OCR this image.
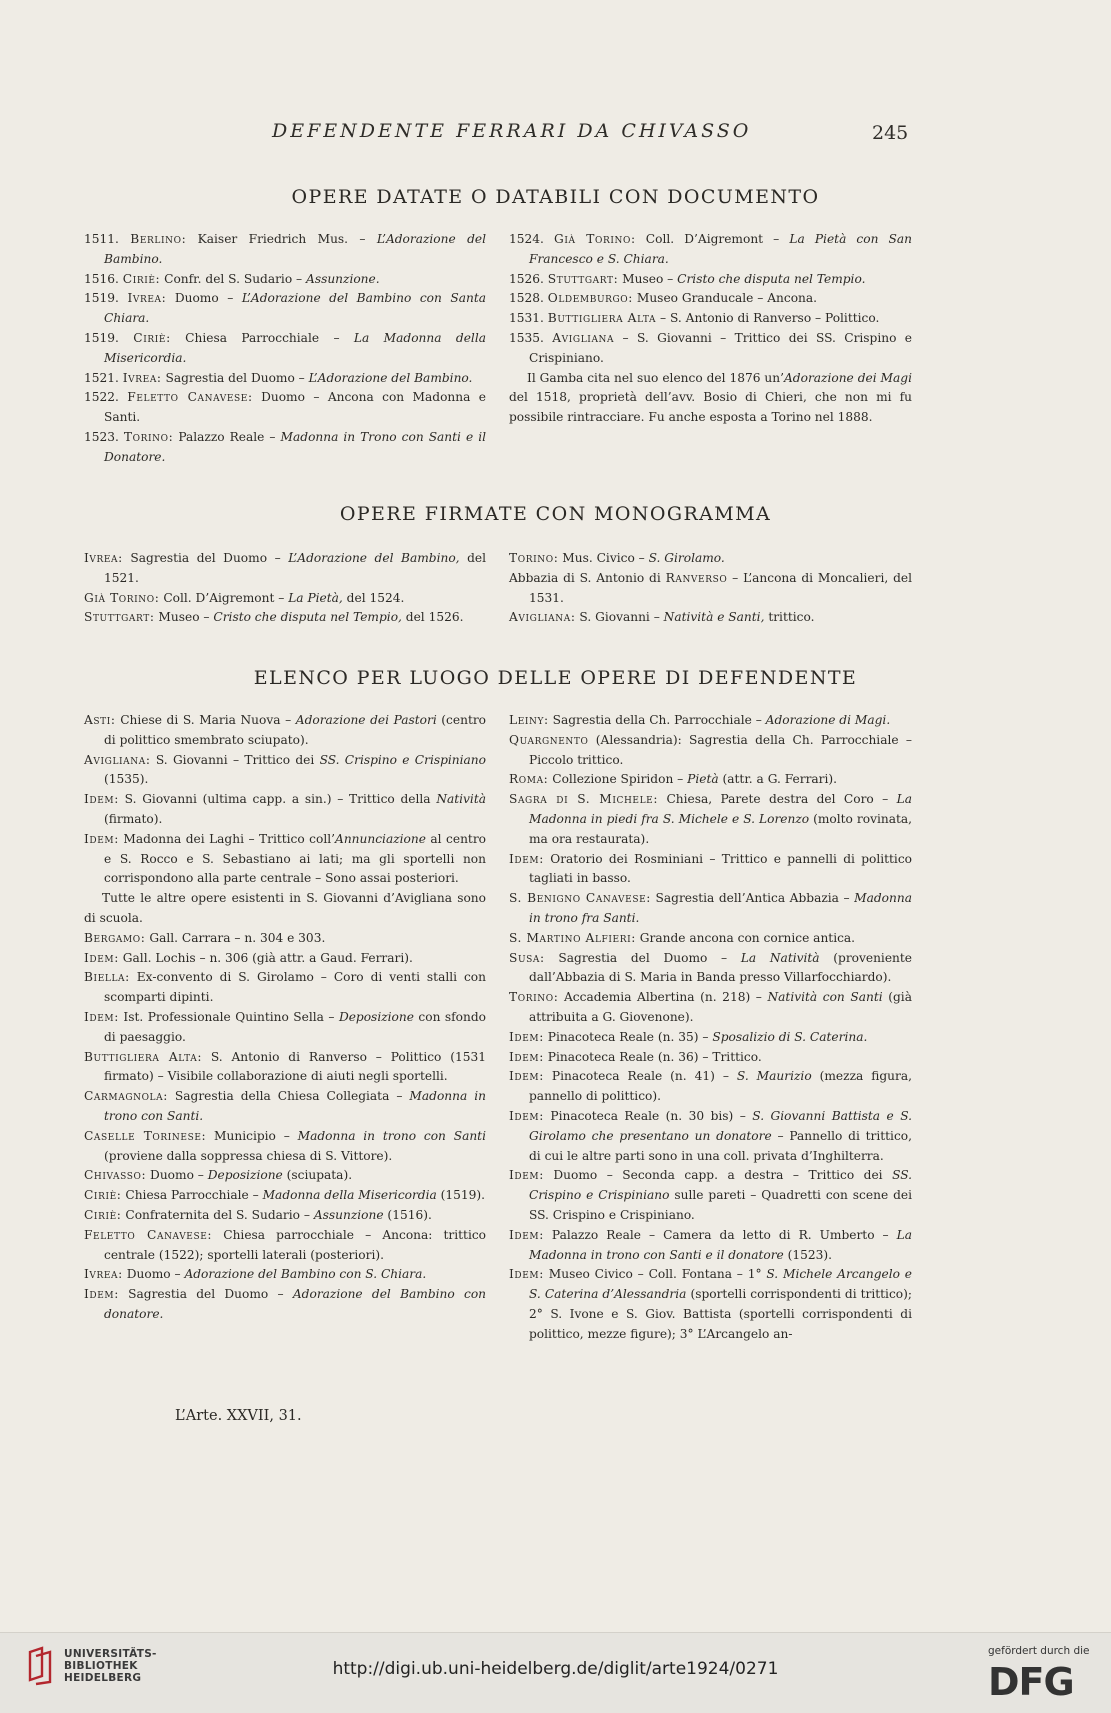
DEFENDENTE FERRARI DA CHIVASSO	245
OPERE DATATE O DATABILI CON DOCUMENTO
1511. Berlino: Kaiser Friedrich Mus. – L’Adorazione del Bambino.
1516. Ciriè: Confr. del S. Sudario – Assunzione.
1519. Ivrea: Duomo – L’Adorazione del Bambino con Santa Chiara.
1519. Ciriè: Chiesa Parrocchiale – La Madonna della Misericordia.
1521. Ivrea: Sagrestia del Duomo – L’Adorazione del Bambino.
1522. Feletto Canavese: Duomo – Ancona con Madonna e Santi.
1523. Torino: Palazzo Reale – Madonna in Trono con Santi e il Donatore.
1524. Già Torino: Coll. D’Aigremont – La Pietà con San Francesco e S. Chiara.
1526. Stuttgart: Museo – Cristo che disputa nel Tempio.
1528. Oldemburgo: Museo Granducale – Ancona.
1531. Buttigliera Alta – S. Antonio di Ranverso – Polittico.
1535. Avigliana – S. Giovanni – Trittico dei SS. Crispino e Crispiniano.
Il Gamba cita nel suo elenco del 1876 un’Adorazione dei Magi del 1518, proprietà dell’avv. Bosio di Chieri, che non mi fu possibile rintracciare. Fu anche esposta a Torino nel 1888.
OPERE FIRMATE CON MONOGRAMMA
Ivrea: Sagrestia del Duomo – L’Adorazione del Bambino, del 1521.
Già Torino: Coll. D’Aigremont – La Pietà, del 1524.
Stuttgart: Museo – Cristo che disputa nel Tempio, del 1526.
Torino: Mus. Civico – S. Girolamo.
Abbazia di S. Antonio di Ranverso – L’ancona di Moncalieri, del 1531.
Avigliana: S. Giovanni – Natività e Santi, trittico.
ELENCO PER LUOGO DELLE OPERE DI DEFENDENTE
Asti: Chiese di S. Maria Nuova – Adorazione dei Pastori (centro di polittico smembrato sciupato).
Avigliana: S. Giovanni – Trittico dei SS. Crispino e Crispiniano (1535).
Idem: S. Giovanni (ultima capp. a sin.) – Trittico della Natività (firmato).
Idem: Madonna dei Laghi – Trittico coll’Annunciazione al centro e S. Rocco e S. Sebastiano ai lati; ma gli sportelli non corrispondono alla parte centrale – Sono assai posteriori.
Tutte le altre opere esistenti in S. Giovanni d’Avigliana sono di scuola.
Bergamo: Gall. Carrara – n. 304 e 303.
Idem: Gall. Lochis – n. 306 (già attr. a Gaud. Ferrari).
Biella: Ex-convento di S. Girolamo – Coro di venti stalli con scomparti dipinti.
Idem: Ist. Professionale Quintino Sella – Deposizione con sfondo di paesaggio.
Buttigliera Alta: S. Antonio di Ranverso – Polittico (1531 firmato) – Visibile collaborazione di aiuti negli sportelli.
Carmagnola: Sagrestia della Chiesa Collegiata – Madonna in trono con Santi.
Caselle Torinese: Municipio – Madonna in trono con Santi (proviene dalla soppressa chiesa di S. Vittore).
Chivasso: Duomo – Deposizione (sciupata).
Ciriè: Chiesa Parrocchiale – Madonna della Misericordia (1519).
Ciriè: Confraternita del S. Sudario – Assunzione (1516).
Feletto Canavese: Chiesa parrocchiale – Ancona: trittico centrale (1522); sportelli laterali (posteriori).
Ivrea: Duomo – Adorazione del Bambino con S. Chiara.
Idem: Sagrestia del Duomo – Adorazione del Bambino con donatore.
Leiny: Sagrestia della Ch. Parrocchiale – Adorazione di Magi.
Quargnento (Alessandria): Sagrestia della Ch. Parrocchiale – Piccolo trittico.
Roma: Collezione Spiridon – Pietà (attr. a G. Ferrari).
Sagra di S. Michele: Chiesa, Parete destra del Coro – La Madonna in piedi fra S. Michele e S. Lorenzo (molto rovinata, ma ora restaurata).
Idem: Oratorio dei Rosminiani – Trittico e pannelli di polittico tagliati in basso.
S. Benigno Canavese: Sagrestia dell’Antica Abbazia – Madonna in trono fra Santi.
S. Martino Alfieri: Grande ancona con cornice antica.
Susa: Sagrestia del Duomo – La Natività (proveniente dall’Abbazia di S. Maria in Banda presso Villarfocchiardo).
Torino: Accademia Albertina (n. 218) – Natività con Santi (già attribuita a G. Giovenone).
Idem: Pinacoteca Reale (n. 35) – Sposalizio di S. Caterina.
Idem: Pinacoteca Reale (n. 36) – Trittico.
Idem: Pinacoteca Reale (n. 41) – S. Maurizio (mezza figura, pannello di polittico).
Idem: Pinacoteca Reale (n. 30 bis) – S. Giovanni Battista e S. Girolamo che presentano un donatore – Pannello di trittico, di cui le altre parti sono in una coll. privata d’Inghilterra.
Idem: Duomo – Seconda capp. a destra – Trittico dei SS. Crispino e Crispiniano sulle pareti – Quadretti con scene dei SS. Crispino e Crispiniano.
Idem: Palazzo Reale – Camera da letto di R. Umberto – La Madonna in trono con Santi e il donatore (1523).
Idem: Museo Civico – Coll. Fontana – 1° S. Michele Arcangelo e S. Caterina d’Alessandria (sportelli corrispondenti di trittico); 2° S. Ivone e S. Giov. Battista (sportelli corrispondenti di polittico, mezze figure); 3° L’Arcangelo an-
L’Arte. XXVII, 31.
UNIVERSITÄTS-
BIBLIOTHEK
HEIDELBERG	http://digi.ub.uni-heidelberg.de/diglit/arte1924/0271
gefördert durch die
DFG
